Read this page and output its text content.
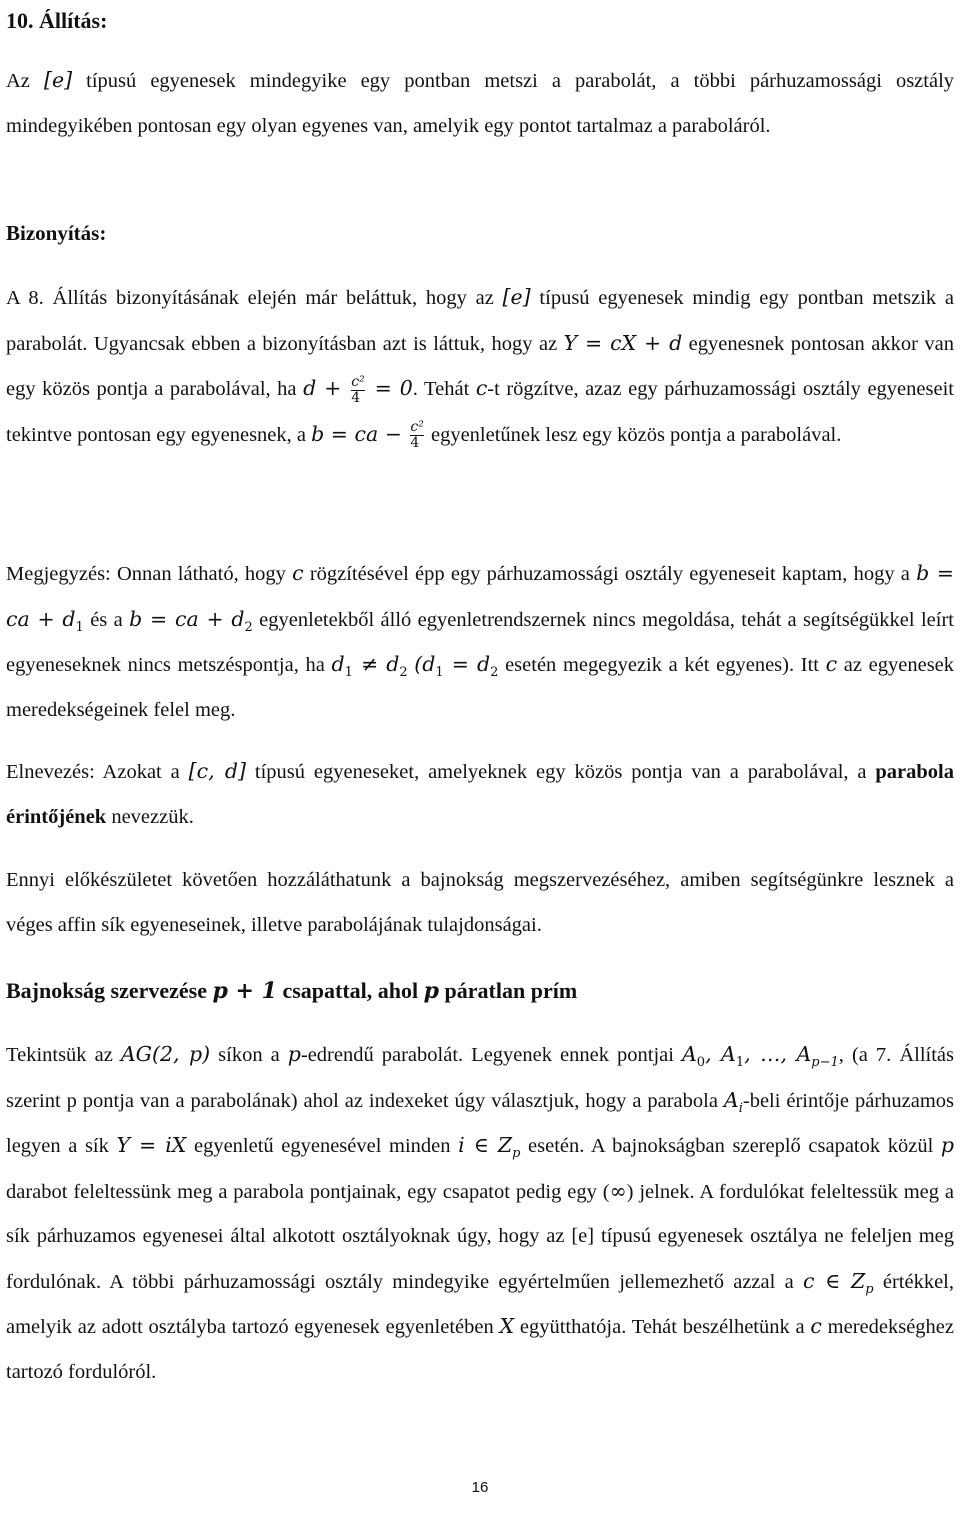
10. Állítás:

Az [e] típusú egyenesek mindegyike egy pontban metszi a parabolát, a többi párhuzamossági osztály mindegyikében pontosan egy olyan egyenes van, amelyik egy pontot tartalmaz a paraboláról.

Bizonyítás:

A 8. Állítás bizonyításának elején már beláttuk, hogy az [e] típusú egyenesek mindig egy pontban metszik a parabolát. Ugyancsak ebben a bizonyításban azt is láttuk, hogy az Y = cX + d egyenesnek pontosan akkor van egy közös pontja a parabolával, ha $d + \frac{\text{c²}}{4} = 0$. Tehát c-t rögzítve, azaz egy párhuzamossági osztály egyeneseit tekintve pontosan egy egyenesnek, a b = ca − $\frac{\text{c²}}{4}$ egyenletűnek lesz egy közös pontja a parabolával.

Megjegyzés: Onnan látható, hogy c rögzítésével épp egy párhuzamossági osztály egyeneseit kaptam, hogy a b = ca + $d_1$ és a b = ca + $d_2$ egyenletekből álló egyenletrendszernek nincs megoldása, tehát a segítségükkel leírt egyeneseknek nincs metszéspontja, ha $d_1 \ne d_2$ ($d_1 = d_2$ esetén megegyezik a két egyenes). Itt c az egyenesek meredekségeinek felel meg.

Elnevezés: Azokat a [c, d] típusú egyeneseket, amelyeknek egy közös pontja van a parabolával, a parabola érintőjének nevezzük.

Ennyi előkészületet követően hozzáláthatunk a bajnokság megszervezéséhez, amiben segítségünkre lesznek a véges affin sík egyeneseinek, illetve parabolájának tulajdonságai.

Bajnokság szervezése p + 1 csapattal, ahol p páratlan prím

Tekintsük az AG(2, p) síkon a p-edrendű parabolát. Legyenek ennek pontjai $A_0$, $A_1$, …, $A_{p-1}$, (a 7. Állítás szerint p pontja van a parabolának) ahol az indexeket úgy választjuk, hogy a parabola $A_i$-beli érintője párhuzamos legyen a sík Y = iX egyenletű egyenesével minden i ∈ $Z_p$ esetén. A bajnokságban szereplő csapatok közül p darabot feleltessünk meg a parabola pontjainak, egy csapatot pedig egy (∞) jelnek. A fordulókat feleltessük meg a sík párhuzamos egyenesei által alkotott osztályoknak úgy, hogy az [e] típusú egyenesek osztálya ne feleljen meg fordulónak. A többi párhuzamossági osztály mindegyike egyértelműen jellemezhető azzal a c ∈ $Z_p$ értékkel, amelyik az adott osztályba tartozó egyenesek egyenletében X együtthatója. Tehát beszélhetünk a c meredekséghez tartozó fordulóról.

16
